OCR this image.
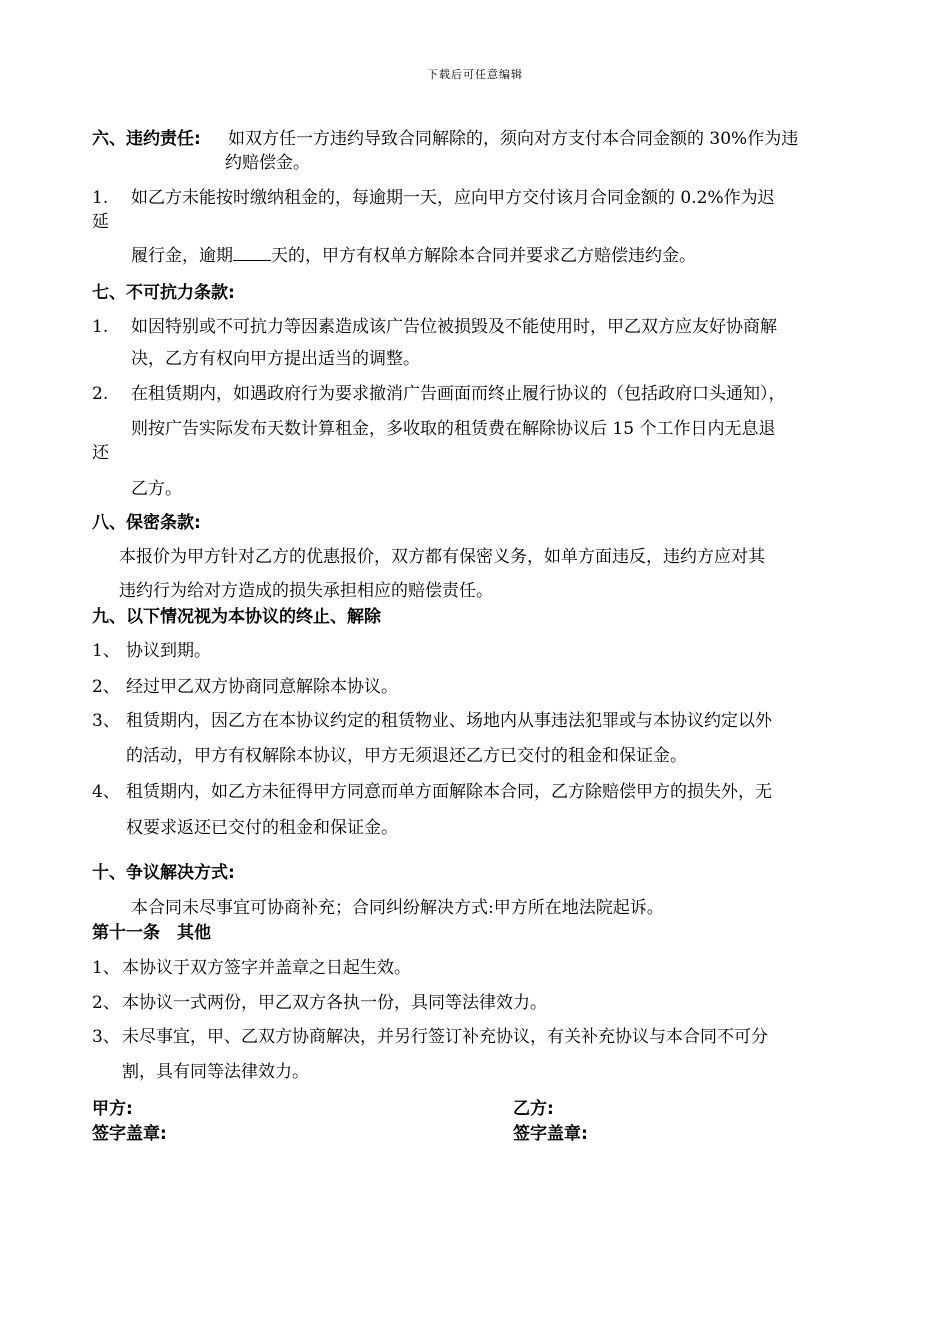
下载后可任意编辑
六、违约责任: 如双方任一方违约导致合同解除的，须向对方支付本合同金额的 30%作为违
约赔偿金。
1. 如乙方未能按时缴纳租金的，每逾期一天，应向甲方交付该月合同金额的 0.2%作为迟
延
履行金，逾期 天的，甲方有权单方解除本合同并要求乙方赔偿违约金。
七、不可抗力条款:
1. 如因特别或不可抗力等因素造成该广告位被损毁及不能使用时，甲乙双方应友好协商解
决，乙方有权向甲方提出适当的调整。
2. 在租赁期内，如遇政府行为要求撤消广告画面而终止履行协议的（包括政府口头通知），
则按广告实际发布天数计算租金，多收取的租赁费在解除协议后 15 个工作日内无息退
还
乙方。
八、保密条款:
本报价为甲方针对乙方的优惠报价，双方都有保密义务，如单方面违反，违约方应对其
违约行为给对方造成的损失承担相应的赔偿责任。
九、以下情况视为本协议的终止、解除
1、 协议到期。
2、 经过甲乙双方协商同意解除本协议。
3、 租赁期内，因乙方在本协议约定的租赁物业、场地内从事违法犯罪或与本协议约定以外
的活动，甲方有权解除本协议，甲方无须退还乙方已交付的租金和保证金。
4、 租赁期内，如乙方未征得甲方同意而单方面解除本合同，乙方除赔偿甲方的损失外，无
权要求返还已交付的租金和保证金。
十、争议解决方式:
本合同未尽事宜可协商补充；合同纠纷解决方式:甲方所在地法院起诉。
第十一条　其他
1、 本协议于双方签字并盖章之日起生效。
2、 本协议一式两份，甲乙双方各执一份，具同等法律效力。
3、 未尽事宜，甲、乙双方协商解决，并另行签订补充协议，有关补充协议与本合同不可分
割，具有同等法律效力。
甲方:
签字盖章:
乙方:
签字盖章:
